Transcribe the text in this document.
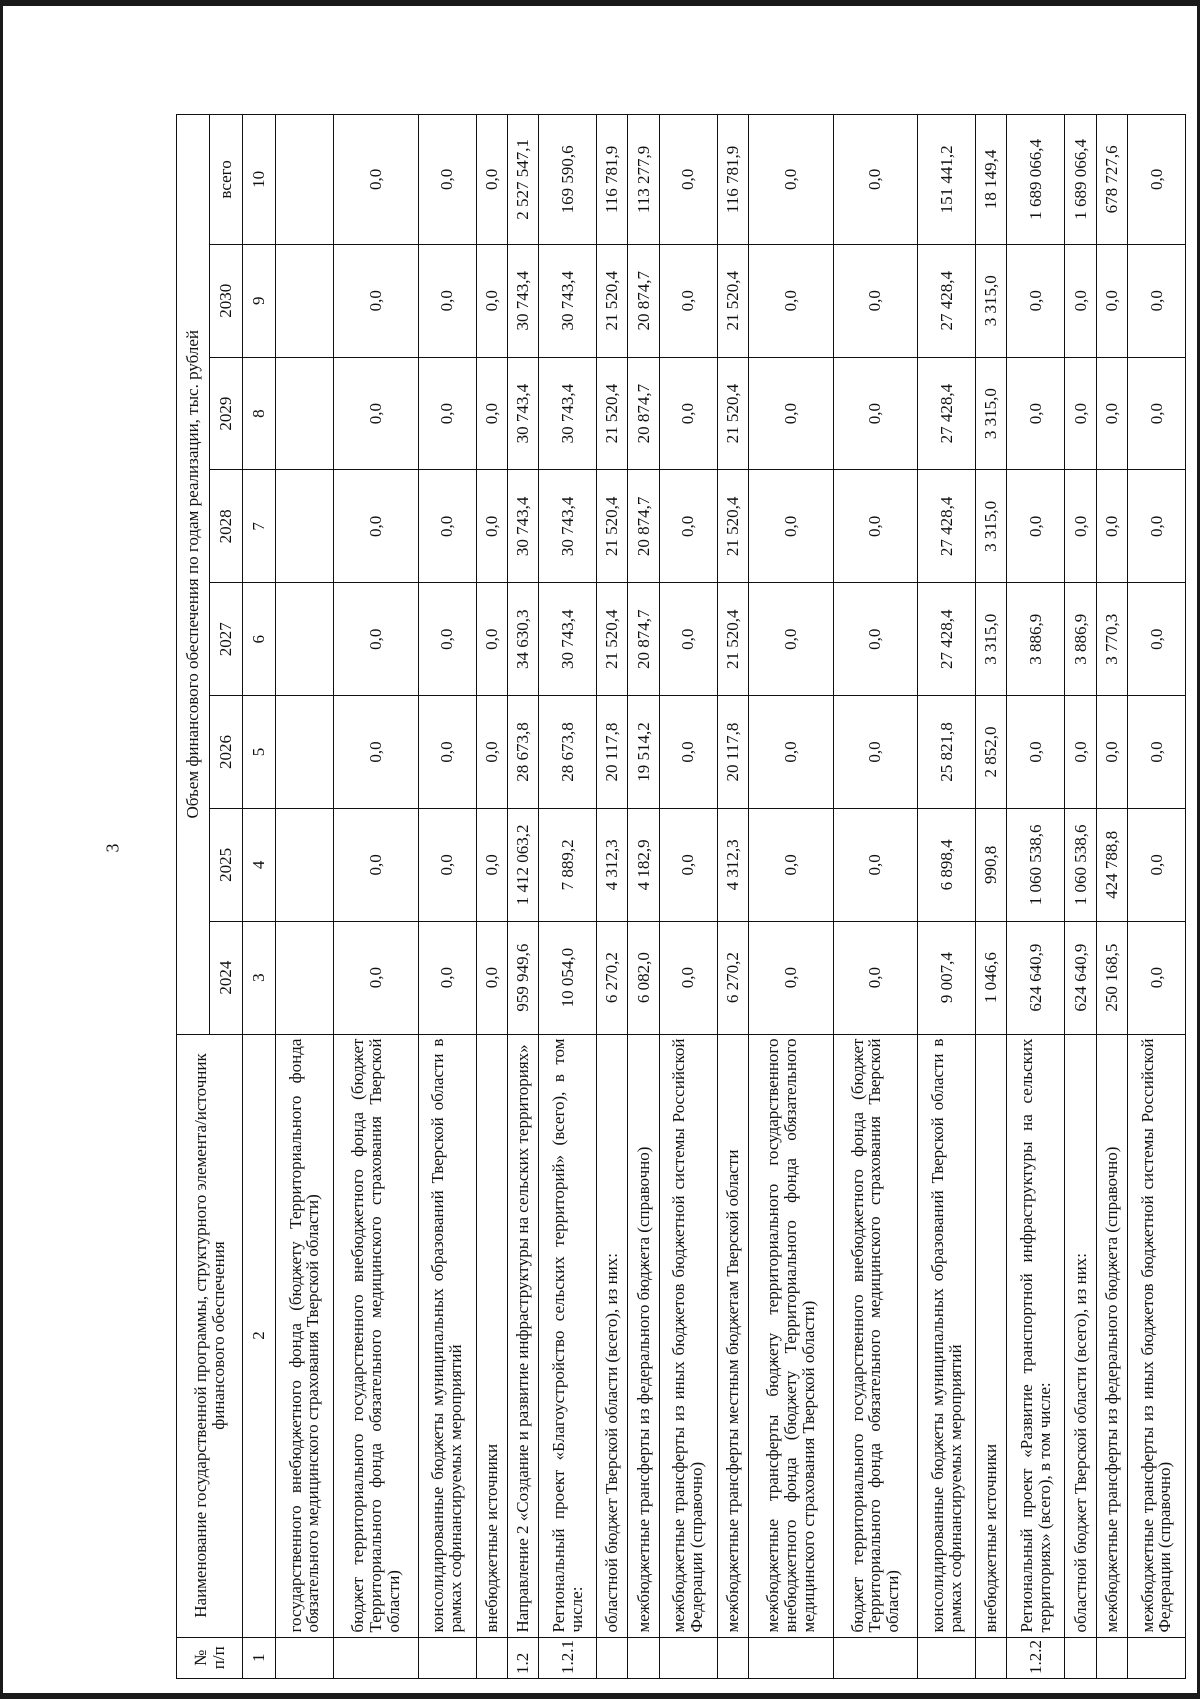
3
№ п/п	Наименование государственной программы, структурного элемента/источник финансового обеспечения	Объем финансового обеспечения по годам реализации, тыс. рублей							
		2024	2025	2026	2027	2028	2029	2030	всего
1	2	3	4	5	6	7	8	9	10
	государственного внебюджетного фонда (бюджету Территориального фонда обязательного медицинского страхования Тверской области)								
	бюджет территориального государственного внебюджетного фонда (бюджет Территориального фонда обязательного медицинского страхования Тверской области)	0,0	0,0	0,0	0,0	0,0	0,0	0,0	0,0
	консолидированные бюджеты муниципальных образований Тверской области в рамках софинансируемых мероприятий	0,0	0,0	0,0	0,0	0,0	0,0	0,0	0,0
	внебюджетные источники	0,0	0,0	0,0	0,0	0,0	0,0	0,0	0,0
1.2	Направление 2 «Создание и развитие инфраструктуры на сельских территориях»	959 949,6	1 412 063,2	28 673,8	34 630,3	30 743,4	30 743,4	30 743,4	2 527 547,1
1.2.1	Региональный проект «Благоустройство сельских территорий» (всего), в том числе:	10 054,0	7 889,2	28 673,8	30 743,4	30 743,4	30 743,4	30 743,4	169 590,6
	областной бюджет Тверской области (всего), из них:	6 270,2	4 312,3	20 117,8	21 520,4	21 520,4	21 520,4	21 520,4	116 781,9
	межбюджетные трансферты из федерального бюджета (справочно)	6 082,0	4 182,9	19 514,2	20 874,7	20 874,7	20 874,7	20 874,7	113 277,9
	межбюджетные трансферты из иных бюджетов бюджетной системы Российской Федерации (справочно)	0,0	0,0	0,0	0,0	0,0	0,0	0,0	0,0
	межбюджетные трансферты местным бюджетам Тверской области	6 270,2	4 312,3	20 117,8	21 520,4	21 520,4	21 520,4	21 520,4	116 781,9
	межбюджетные трансферты бюджету территориального государственного внебюджетного фонда (бюджету Территориального фонда обязательного медицинского страхования Тверской области)	0,0	0,0	0,0	0,0	0,0	0,0	0,0	0,0
	бюджет территориального государственного внебюджетного фонда (бюджет Территориального фонда обязательного медицинского страхования Тверской области)	0,0	0,0	0,0	0,0	0,0	0,0	0,0	0,0
	консолидированные бюджеты муниципальных образований Тверской области в рамках софинансируемых мероприятий	9 007,4	6 898,4	25 821,8	27 428,4	27 428,4	27 428,4	27 428,4	151 441,2
	внебюджетные источники	1 046,6	990,8	2 852,0	3 315,0	3 315,0	3 315,0	3 315,0	18 149,4
1.2.2	Региональный проект «Развитие транспортной инфраструктуры на сельских территориях» (всего), в том числе:	624 640,9	1 060 538,6	0,0	3 886,9	0,0	0,0	0,0	1 689 066,4
	областной бюджет Тверской области (всего), из них:	624 640,9	1 060 538,6	0,0	3 886,9	0,0	0,0	0,0	1 689 066,4
	межбюджетные трансферты из федерального бюджета (справочно)	250 168,5	424 788,8	0,0	3 770,3	0,0	0,0	0,0	678 727,6
	межбюджетные трансферты из иных бюджетов бюджетной системы Российской Федерации (справочно)	0,0	0,0	0,0	0,0	0,0	0,0	0,0	0,0
